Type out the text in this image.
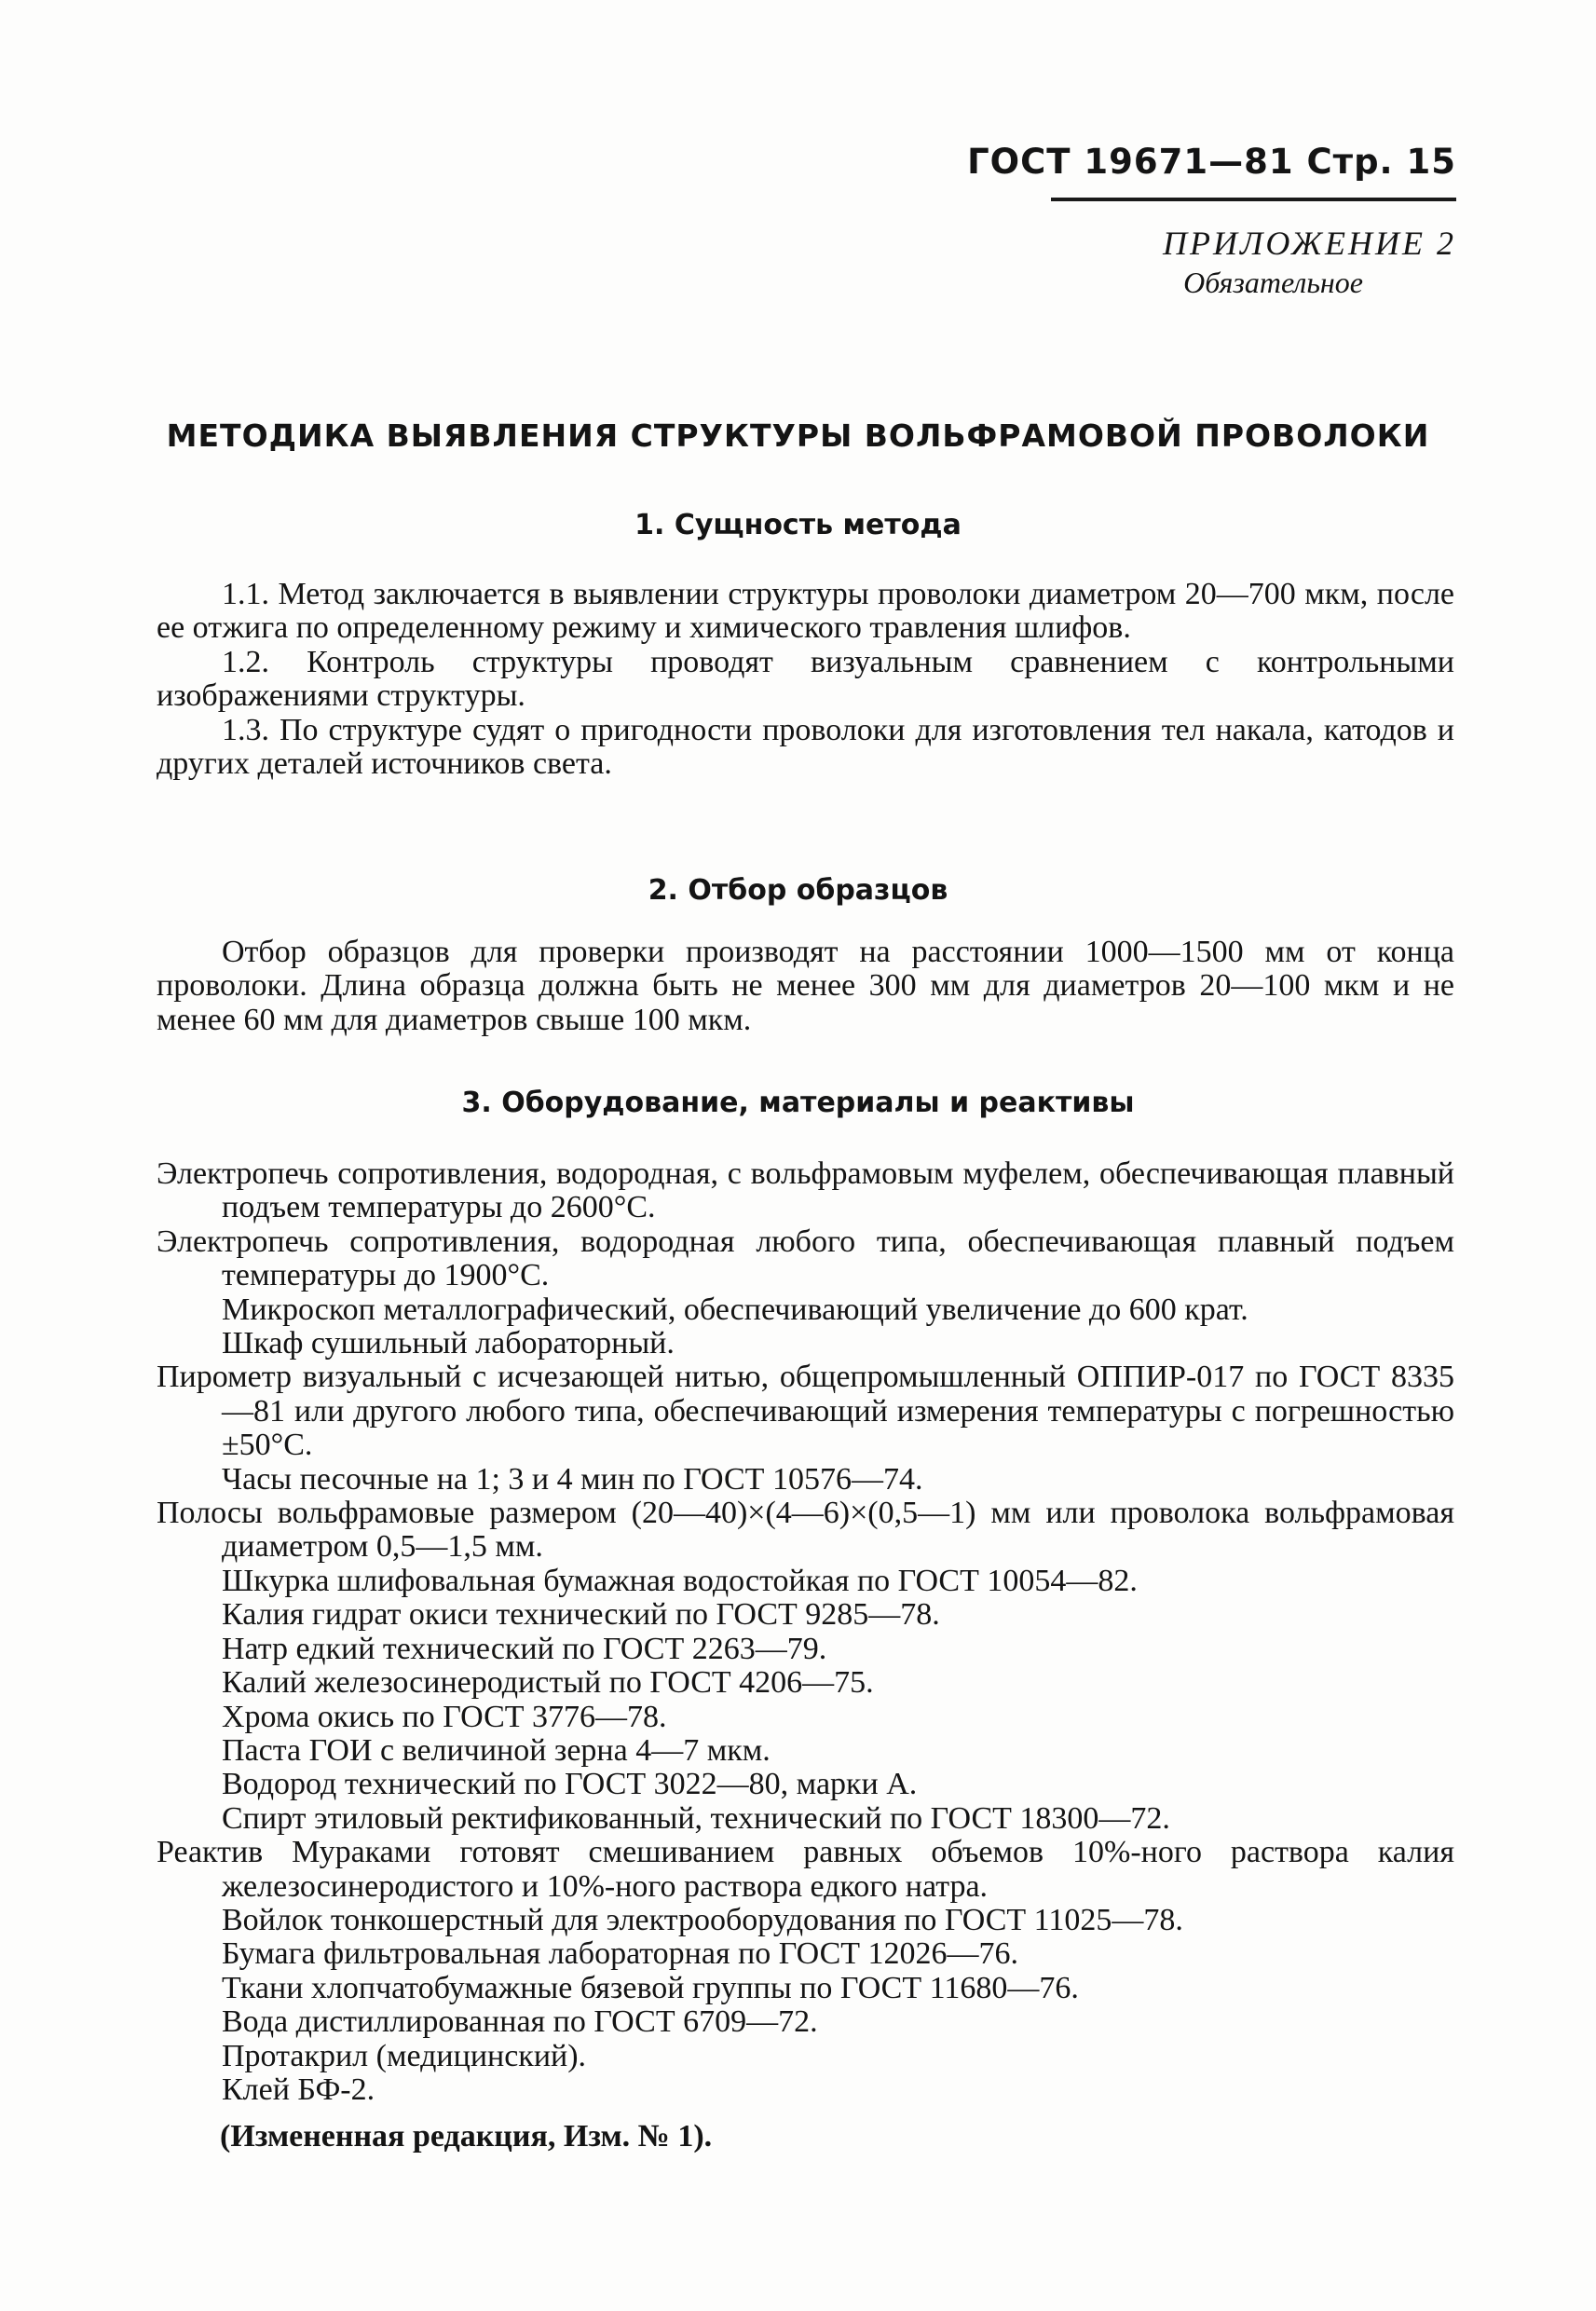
ГОСТ 19671—81 Стр. 15
ПРИЛОЖЕНИЕ 2
Обязательное
МЕТОДИКА ВЫЯВЛЕНИЯ СТРУКТУРЫ ВОЛЬФРАМОВОЙ ПРОВОЛОКИ
1. Сущность метода

1.1. Метод заключается в выявлении структуры проволоки диаметром 20—700 мкм, после ее отжига по определенному режиму и химического травления шлифов.

1.2. Контроль структуры проводят визуальным сравнением с контрольными изображениями структуры.

1.3. По структуре судят о пригодности проволоки для изготовления тел накала, катодов и других деталей источников света.

2. Отбор образцов

Отбор образцов для проверки производят на расстоянии 1000—1500 мм от конца проволоки. Длина образца должна быть не менее 300 мм для диаметров 20—100 мкм и не менее 60 мм для диаметров свыше 100 мкм.

3. Оборудование, материалы и реактивы

Электропечь сопротивления, водородная, с вольфрамовым муфелем, обеспечивающая плавный подъем температуры до 2600°С.

Электропечь сопротивления, водородная любого типа, обеспечивающая плавный подъем температуры до 1900°С.

Микроскоп металлографический, обеспечивающий увеличение до 600 крат.

Шкаф сушильный лабораторный.

Пирометр визуальный с исчезающей нитью, общепромышленный ОППИР-017 по ГОСТ 8335—81 или другого любого типа, обеспечивающий измерения температуры с погрешностью ±50°С.

Часы песочные на 1; 3 и 4 мин по ГОСТ 10576—74.

Полосы вольфрамовые размером (20—40)×(4—6)×(0,5—1) мм или проволока вольфрамовая диаметром 0,5—1,5 мм.

Шкурка шлифовальная бумажная водостойкая по ГОСТ 10054—82.

Калия гидрат окиси технический по ГОСТ 9285—78.

Натр едкий технический по ГОСТ 2263—79.

Калий железосинеродистый по ГОСТ 4206—75.

Хрома окись по ГОСТ 3776—78.

Паста ГОИ с величиной зерна 4—7 мкм.

Водород технический по ГОСТ 3022—80, марки А.

Спирт этиловый ректификованный, технический по ГОСТ 18300—72.

Реактив Мураками готовят смешиванием равных объемов 10%-ного раствора калия железосинеродистого и 10%-ного раствора едкого натра.

Войлок тонкошерстный для электрооборудования по ГОСТ 11025—78.

Бумага фильтровальная лабораторная по ГОСТ 12026—76.

Ткани хлопчатобумажные бязевой группы по ГОСТ 11680—76.

Вода дистиллированная по ГОСТ 6709—72.

Протакрил (медицинский).

Клей БФ-2.

(Измененная редакция, Изм. № 1).
